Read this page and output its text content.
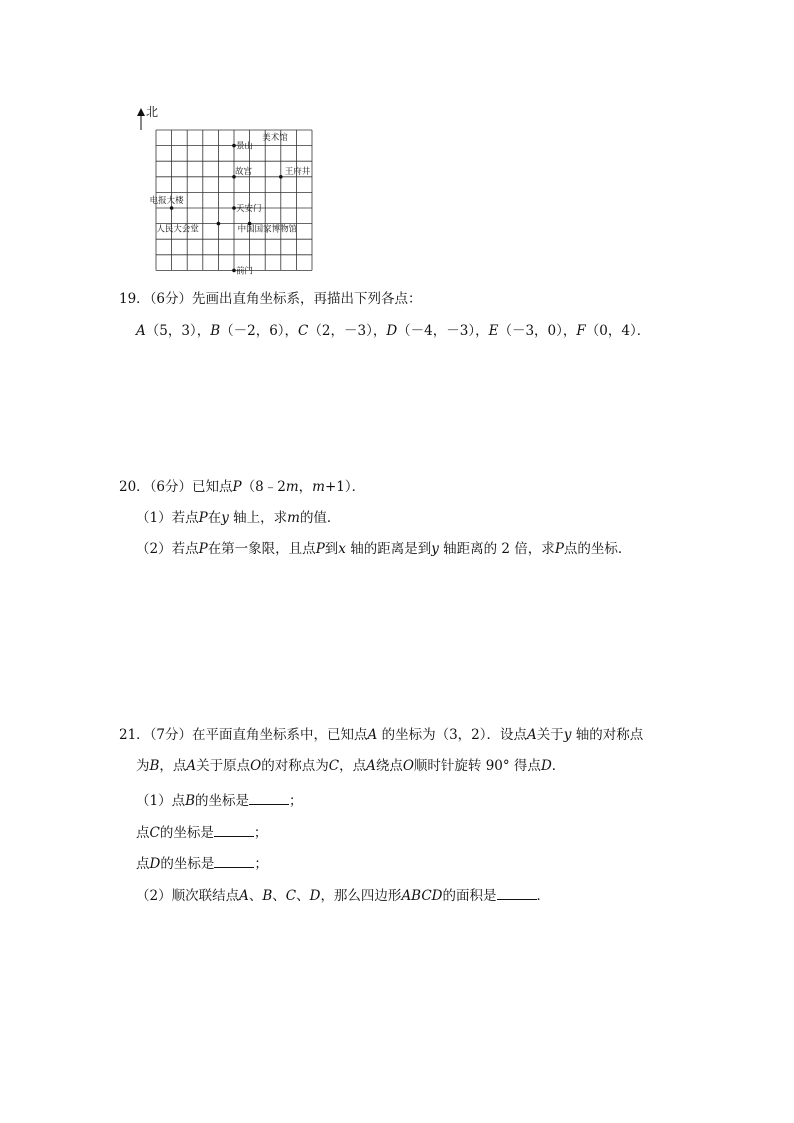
北
美术馆
景山
故宫	王府井
电报大楼
天安门
人民大会堂	中国国家博物馆
前门
19．（6分）先画出直角坐标系，再描出下列各点：
A（5，3），B（－2，6），C（2，－3），D（－4，－3），E（－3，0），F（0，4）．
20．（6分）已知点P（8﹣2m，m+1）．
（1）若点P在y 轴上，求m的值．
（2）若点P在第一象限，且点P到x 轴的距离是到y 轴距离的 2 倍，求P点的坐标．
21．（7分）在平面直角坐标系中，已知点A 的坐标为（3，2）．设点A关于y 轴的对称点
为B，点A关于原点O的对称点为C，点A绕点O顺时针旋转 90° 得点D．
（1）点B的坐标是	；
点C的坐标是	；
点D的坐标是	；
（2）顺次联结点A、B、C、D，那么四边形ABCD的面积是	．
